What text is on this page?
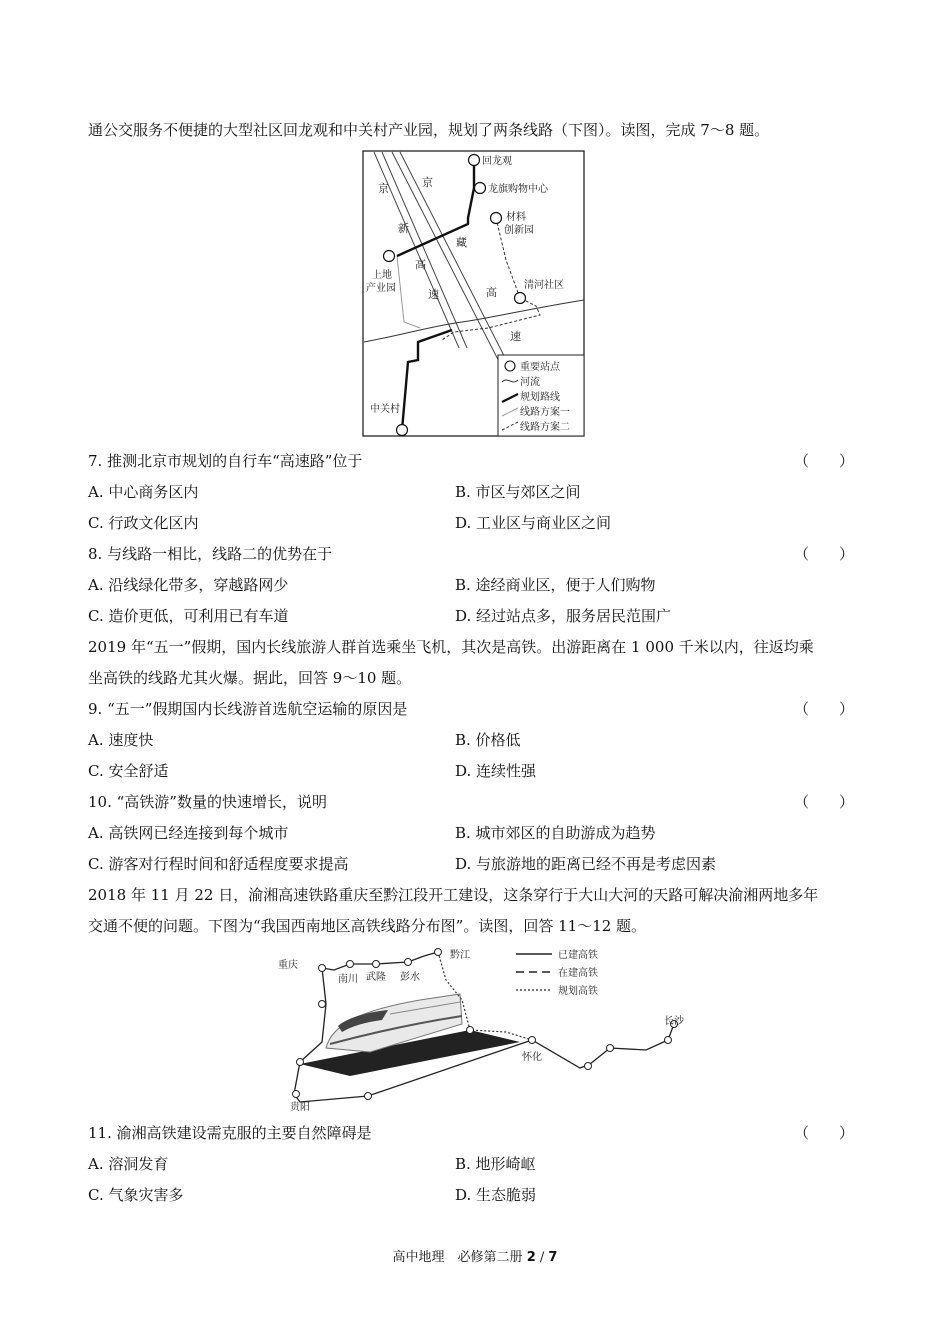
通公交服务不便捷的大型社区回龙观和中关村产业园，规划了两条线路（下图）。读图，完成 7～8 题。
回龙观
龙旗购物中心
材料
创新园
上地
产业园	清河社区
中关村
京
新
高
速
京
藏
高
速
重要站点
河流
规划路线
线路方案一
线路方案二
7. 推测北京市规划的自行车“高速路”位于	（　　）
A. 中心商务区内	B. 市区与郊区之间
C. 行政文化区内	D. 工业区与商业区之间
8. 与线路一相比，线路二的优势在于	（　　）
A. 沿线绿化带多，穿越路网少	B. 途经商业区，便于人们购物
C. 造价更低，可利用已有车道	D. 经过站点多，服务居民范围广
2019 年“五一”假期，国内长线旅游人群首选乘坐飞机，其次是高铁。出游距离在 1 000 千米以内，往返均乘
坐高铁的线路尤其火爆。据此，回答 9～10 题。
9. “五一”假期国内长线游首选航空运输的原因是	（　　）
A. 速度快	B. 价格低
C. 安全舒适	D. 连续性强
10. “高铁游”数量的快速增长，说明	（　　）
A. 高铁网已经连接到每个城市	B. 城市郊区的自助游成为趋势
C. 游客对行程时间和舒适程度要求提高	D. 与旅游地的距离已经不再是考虑因素
2018 年 11 月 22 日，渝湘高速铁路重庆至黔江段开工建设，这条穿行于大山大河的天路可解决渝湘两地多年
交通不便的问题。下图为“我国西南地区高铁线路分布图”。读图，回答 11～12 题。
重庆
南川 武隆 彭水
黔江
长沙
怀化
贵阳
已建高铁
在建高铁
规划高铁
11. 渝湘高铁建设需克服的主要自然障碍是	（　　）
A. 溶洞发育	B. 地形崎岖
C. 气象灾害多	D. 生态脆弱
高中地理　必修第二册 2 / 7
